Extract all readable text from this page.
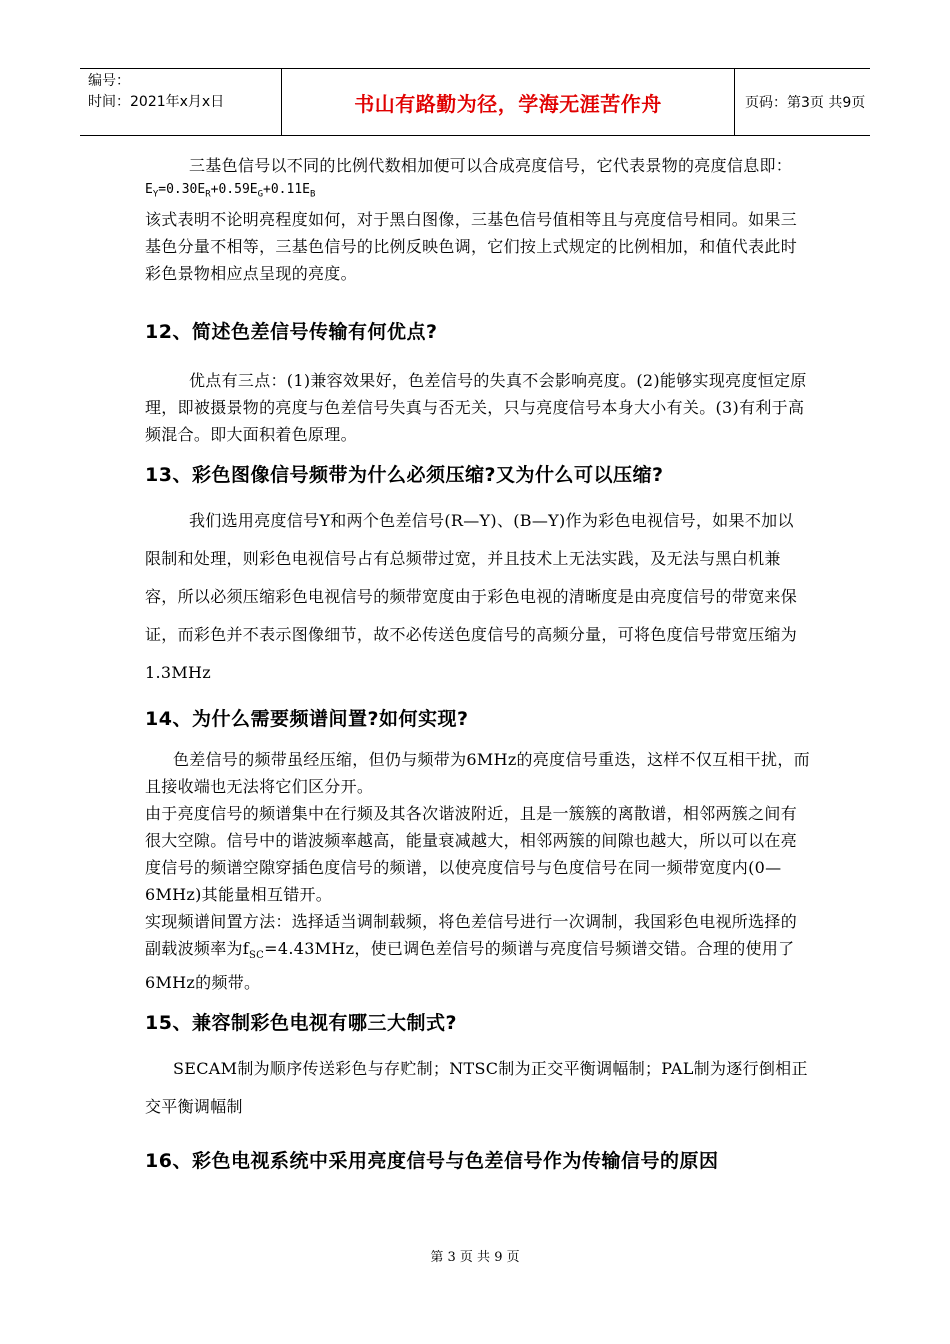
编号：
时间：2021年x月x日	书山有路勤为径，学海无涯苦作舟	页码：第3页 共9页

三基色信号以不同的比例代数相加便可以合成亮度信号，它代表景物的亮度信息即：

$E_Y=0.30E_R+0.59E_G+0.11E_B$

该式表明不论明亮程度如何，对于黑白图像，三基色信号值相等且与亮度信号相同。如果三基色分量不相等，三基色信号的比例反映色调，它们按上式规定的比例相加，和值代表此时彩色景物相应点呈现的亮度。

12、简述色差信号传输有何优点?

优点有三点：(1)兼容效果好，色差信号的失真不会影响亮度。(2)能够实现亮度恒定原理，即被摄景物的亮度与色差信号失真与否无关，只与亮度信号本身大小有关。(3)有利于高频混合。即大面积着色原理。

13、彩色图像信号频带为什么必须压缩?又为什么可以压缩?

我们选用亮度信号Y和两个色差信号(R—Y)、(B—Y)作为彩色电视信号，如果不加以限制和处理，则彩色电视信号占有总频带过宽，并且技术上无法实践，及无法与黑白机兼容，所以必须压缩彩色电视信号的频带宽度由于彩色电视的清晰度是由亮度信号的带宽来保证，而彩色并不表示图像细节，故不必传送色度信号的高频分量，可将色度信号带宽压缩为1.3MHz

14、为什么需要频谱间置?如何实现?

色差信号的频带虽经压缩，但仍与频带为6MHz的亮度信号重迭，这样不仅互相干扰，而且接收端也无法将它们区分开。

由于亮度信号的频谱集中在行频及其各次谐波附近，且是一簇簇的离散谱，相邻两簇之间有很大空隙。信号中的谐波频率越高，能量衰减越大，相邻两簇的间隙也越大，所以可以在亮度信号的频谱空隙穿插色度信号的频谱，以使亮度信号与色度信号在同一频带宽度内(0—6MHz)其能量相互错开。

实现频谱间置方法：选择适当调制载频，将色差信号进行一次调制，我国彩色电视所选择的副载波频率为$f_{SC}=4.43MHz$，使已调色差信号的频谱与亮度信号频谱交错。合理的使用了6MHz的频带。

15、兼容制彩色电视有哪三大制式?

SECAM制为顺序传送彩色与存贮制；NTSC制为正交平衡调幅制；PAL制为逐行倒相正交平衡调幅制

16、彩色电视系统中采用亮度信号与色差信号作为传输信号的原因
第 3 页 共 9 页
